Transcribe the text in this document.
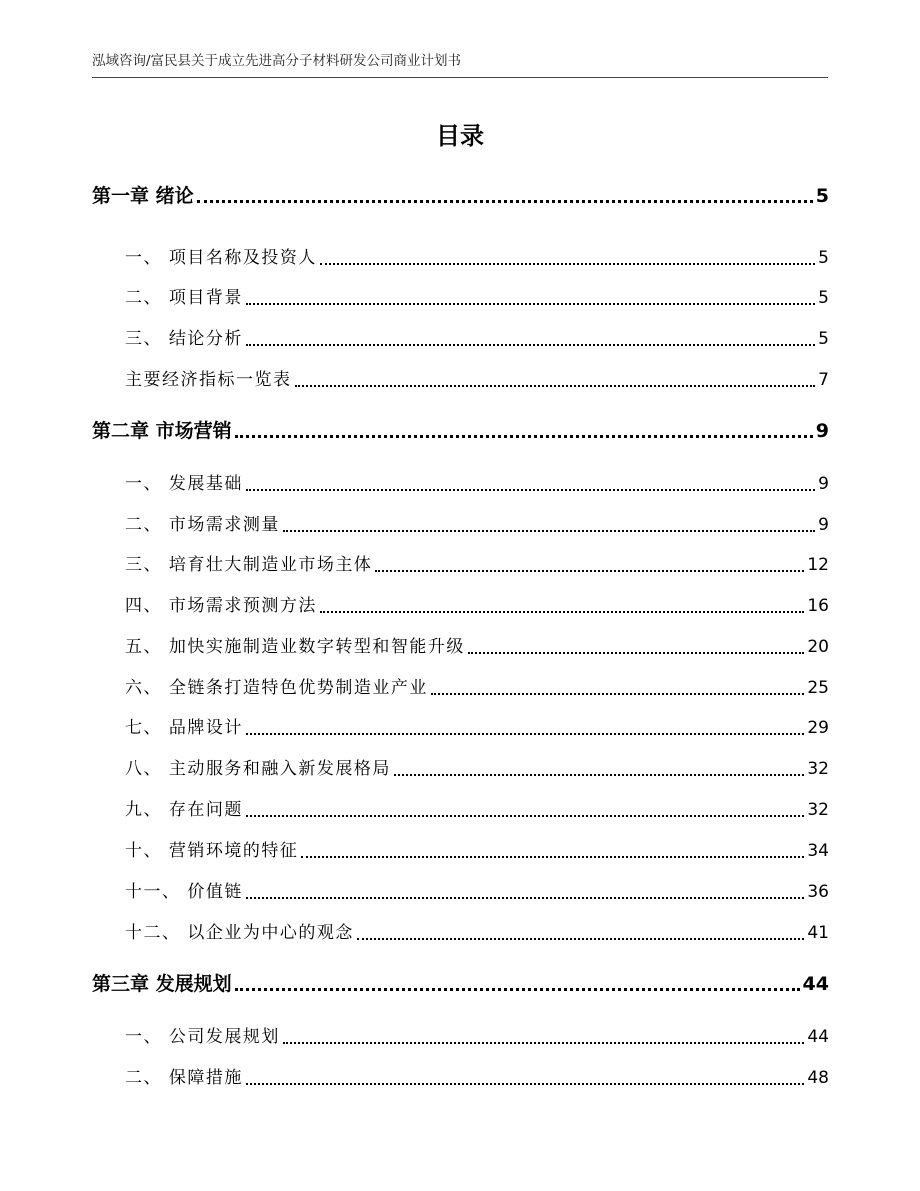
泓域咨询/富民县关于成立先进高分子材料研发公司商业计划书
目录
第一章 绪论	5
一、 项目名称及投资人	5
二、 项目背景	5
三、 结论分析	5
主要经济指标一览表	7
第二章 市场营销	9
一、 发展基础	9
二、 市场需求测量	9
三、 培育壮大制造业市场主体	12
四、 市场需求预测方法	16
五、 加快实施制造业数字转型和智能升级	20
六、 全链条打造特色优势制造业产业	25
七、 品牌设计	29
八、 主动服务和融入新发展格局	32
九、 存在问题	32
十、 营销环境的特征	34
十一、 价值链	36
十二、 以企业为中心的观念	41
第三章 发展规划	44
一、 公司发展规划	44
二、 保障措施	48
